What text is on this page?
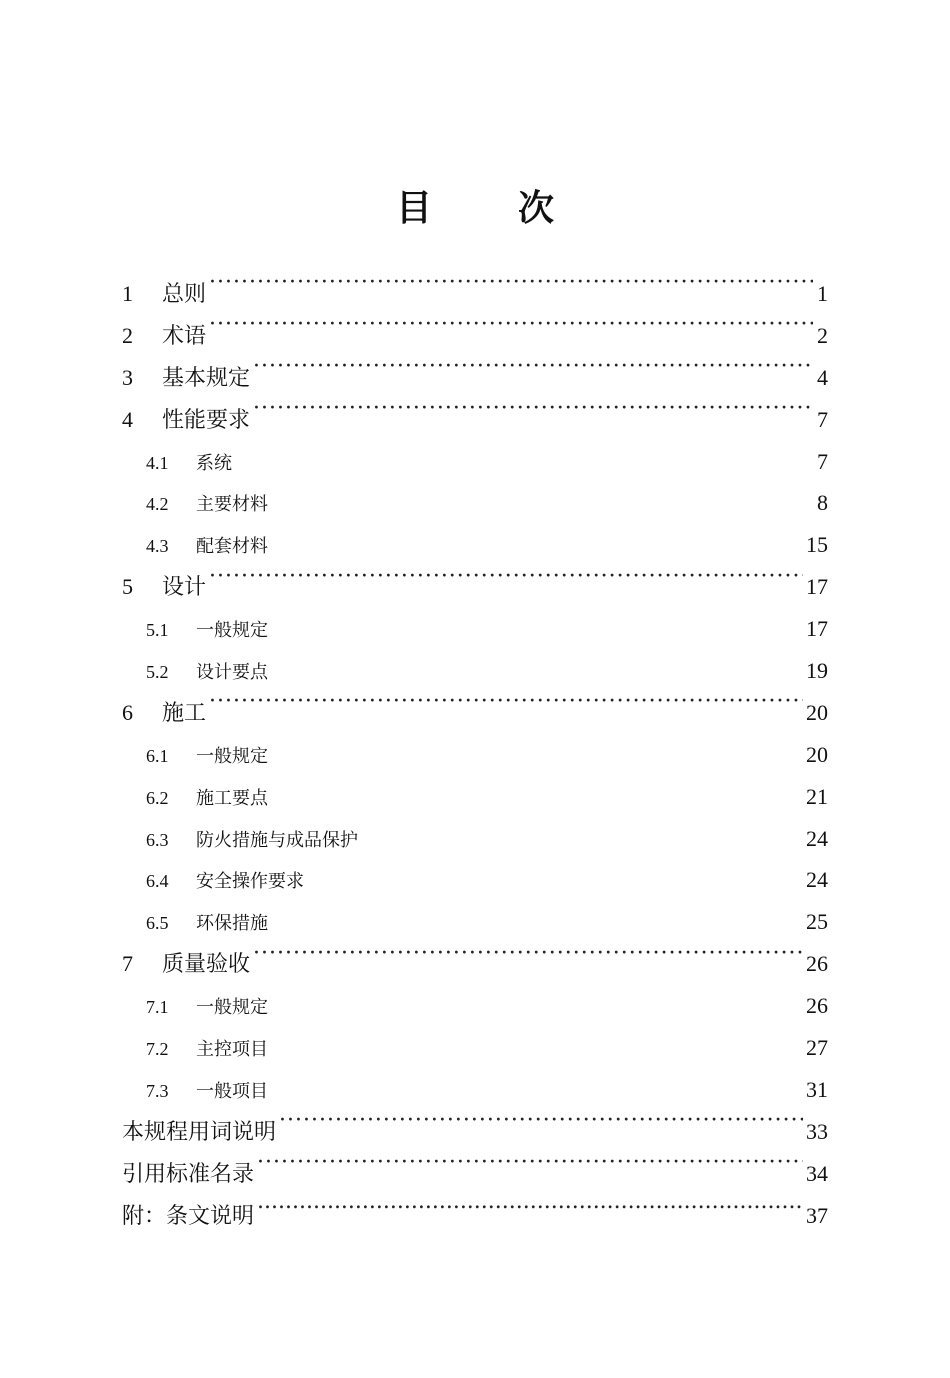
目 次
1	总则 ·····	1
2	术语 ·····	2
3	基本规定 ·····	4
4	性能要求 ·····	7
4.1	系统 ·····	7
4.2	主要材料 ·····	8
4.3	配套材料 ·····	15
5	设计 ·····	17
5.1	一般规定 ·····	17
5.2	设计要点 ·····	19
6	施工 ·····	20
6.1	一般规定 ·····	20
6.2	施工要点 ·····	21
6.3	防火措施与成品保护 ·····	24
6.4	安全操作要求 ·····	24
6.5	环保措施 ·····	25
7	质量验收 ·····	26
7.1	一般规定 ·····	26
7.2	主控项目 ·····	27
7.3	一般项目 ·····	31
本规程用词说明 ·····	33
引用标准名录 ·····	34
附：条文说明 .....	37
